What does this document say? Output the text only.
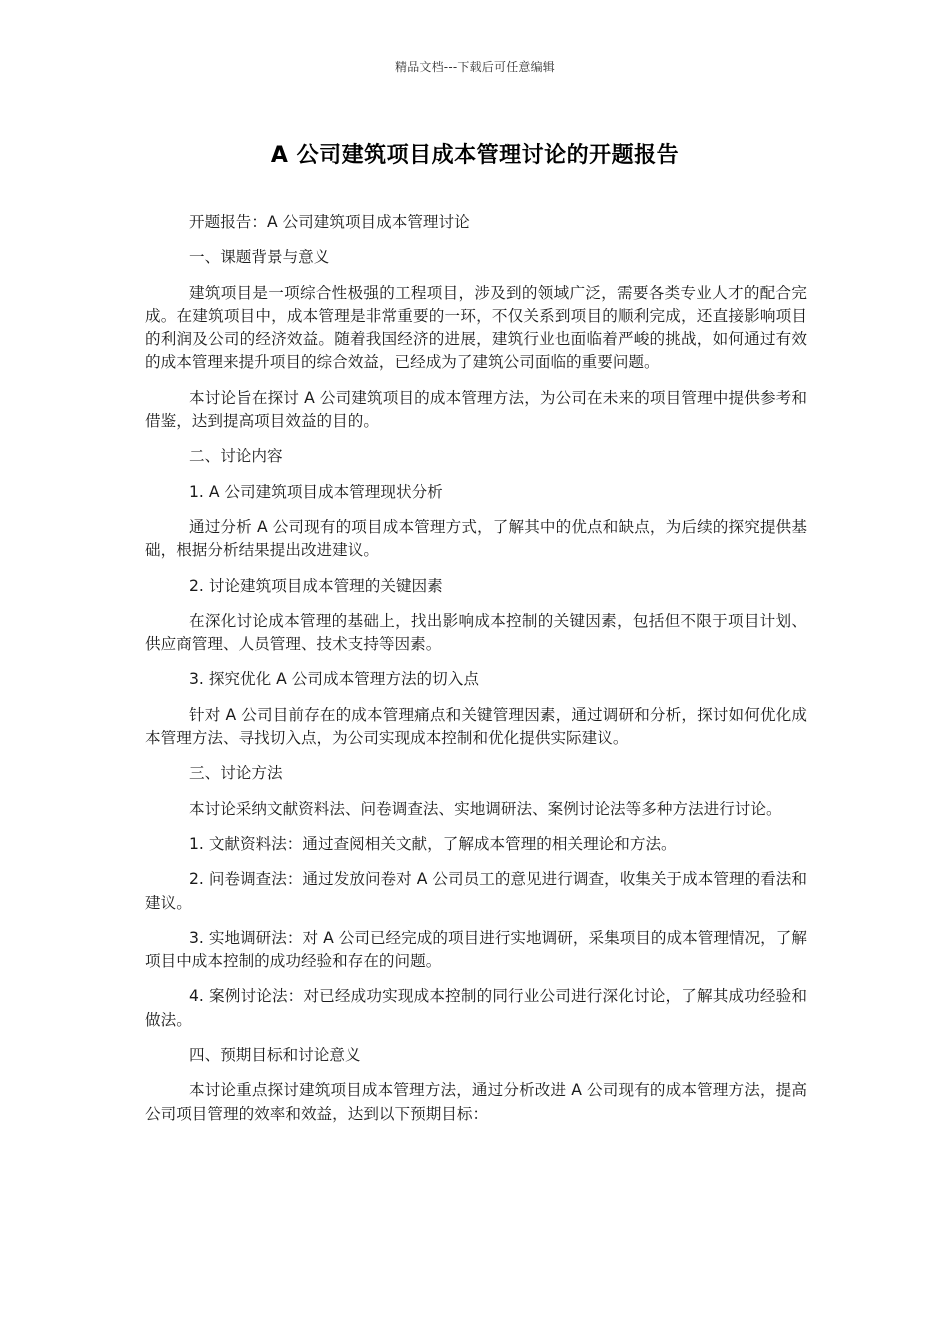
精品文档---下载后可任意编辑
A 公司建筑项目成本管理讨论的开题报告

开题报告：A 公司建筑项目成本管理讨论

一、课题背景与意义

建筑项目是一项综合性极强的工程项目，涉及到的领域广泛，需要各类专业人才的配合完成。在建筑项目中，成本管理是非常重要的一环，不仅关系到项目的顺利完成，还直接影响项目的利润及公司的经济效益。随着我国经济的进展，建筑行业也面临着严峻的挑战，如何通过有效的成本管理来提升项目的综合效益，已经成为了建筑公司面临的重要问题。

本讨论旨在探讨 A 公司建筑项目的成本管理方法，为公司在未来的项目管理中提供参考和借鉴，达到提高项目效益的目的。

二、讨论内容

1. A 公司建筑项目成本管理现状分析

通过分析 A 公司现有的项目成本管理方式，了解其中的优点和缺点，为后续的探究提供基础，根据分析结果提出改进建议。

2. 讨论建筑项目成本管理的关键因素

在深化讨论成本管理的基础上，找出影响成本控制的关键因素，包括但不限于项目计划、供应商管理、人员管理、技术支持等因素。

3. 探究优化 A 公司成本管理方法的切入点

针对 A 公司目前存在的成本管理痛点和关键管理因素，通过调研和分析，探讨如何优化成本管理方法、寻找切入点，为公司实现成本控制和优化提供实际建议。

三、讨论方法

本讨论采纳文献资料法、问卷调查法、实地调研法、案例讨论法等多种方法进行讨论。

1. 文献资料法：通过查阅相关文献，了解成本管理的相关理论和方法。

2. 问卷调查法：通过发放问卷对 A 公司员工的意见进行调查，收集关于成本管理的看法和建议。

3. 实地调研法：对 A 公司已经完成的项目进行实地调研，采集项目的成本管理情况，了解项目中成本控制的成功经验和存在的问题。

4. 案例讨论法：对已经成功实现成本控制的同行业公司进行深化讨论，了解其成功经验和做法。

四、预期目标和讨论意义

本讨论重点探讨建筑项目成本管理方法，通过分析改进 A 公司现有的成本管理方法，提高公司项目管理的效率和效益，达到以下预期目标：
